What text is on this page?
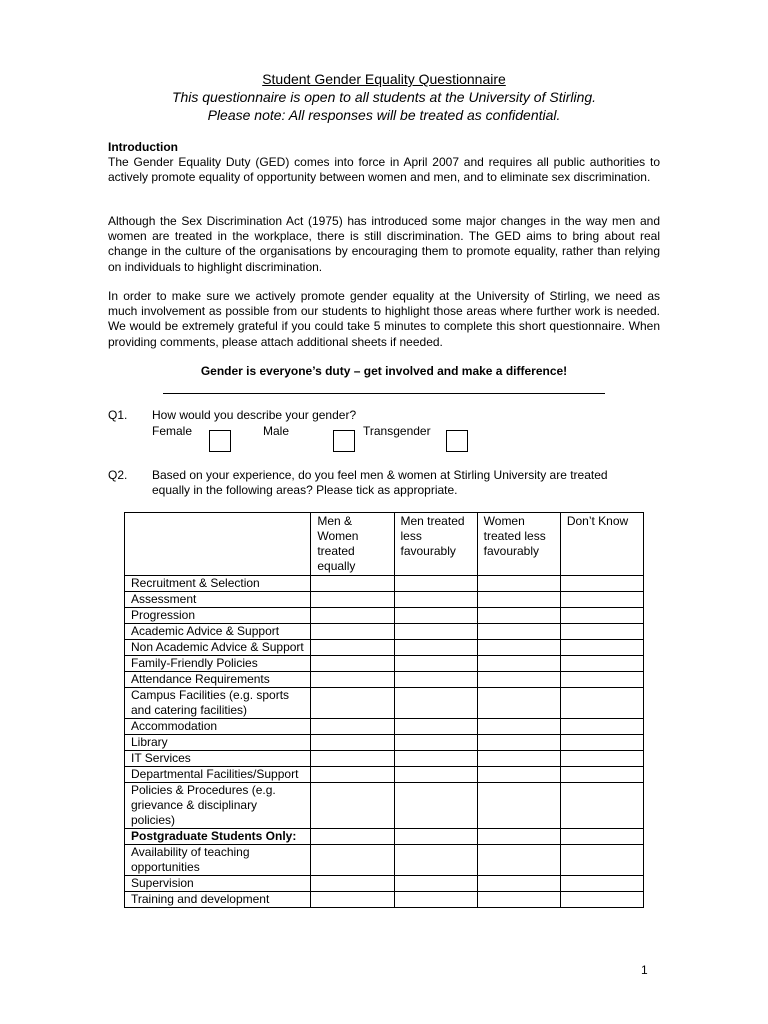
Student Gender Equality Questionnaire
This questionnaire is open to all students at the University of Stirling.
Please note: All responses will be treated as confidential.
Introduction

The Gender Equality Duty (GED) comes into force in April 2007 and requires all public authorities to actively promote equality of opportunity between women and men, and to eliminate sex discrimination.

Although the Sex Discrimination Act (1975) has introduced some major changes in the way men and women are treated in the workplace, there is still discrimination. The GED aims to bring about real change in the culture of the organisations by encouraging them to promote equality, rather than relying on individuals to highlight discrimination.

In order to make sure we actively promote gender equality at the University of Stirling, we need as much involvement as possible from our students to highlight those areas where further work is needed. We would be extremely grateful if you could take 5 minutes to complete this short questionnaire. When providing comments, please attach additional sheets if needed.

Gender is everyone’s duty – get involved and make a difference!
Q1. How would you describe your gender?
Female	Male	Transgender
Q2. Based on your experience, do you feel men & women at Stirling University are treated equally in the following areas? Please tick as appropriate.
	Men & Women treated equally	Men treated less favourably	Women treated less favourably	Don’t Know
Recruitment & Selection				
Assessment				
Progression				
Academic Advice & Support				
Non Academic Advice & Support				
Family-Friendly Policies				
Attendance Requirements				
Campus Facilities (e.g. sports and catering facilities)				
Accommodation				
Library				
IT Services				
Departmental Facilities/Support				
Policies & Procedures (e.g. grievance & disciplinary policies)				
Postgraduate Students Only:				
Availability of teaching opportunities				
Supervision				
Training and development				
1
